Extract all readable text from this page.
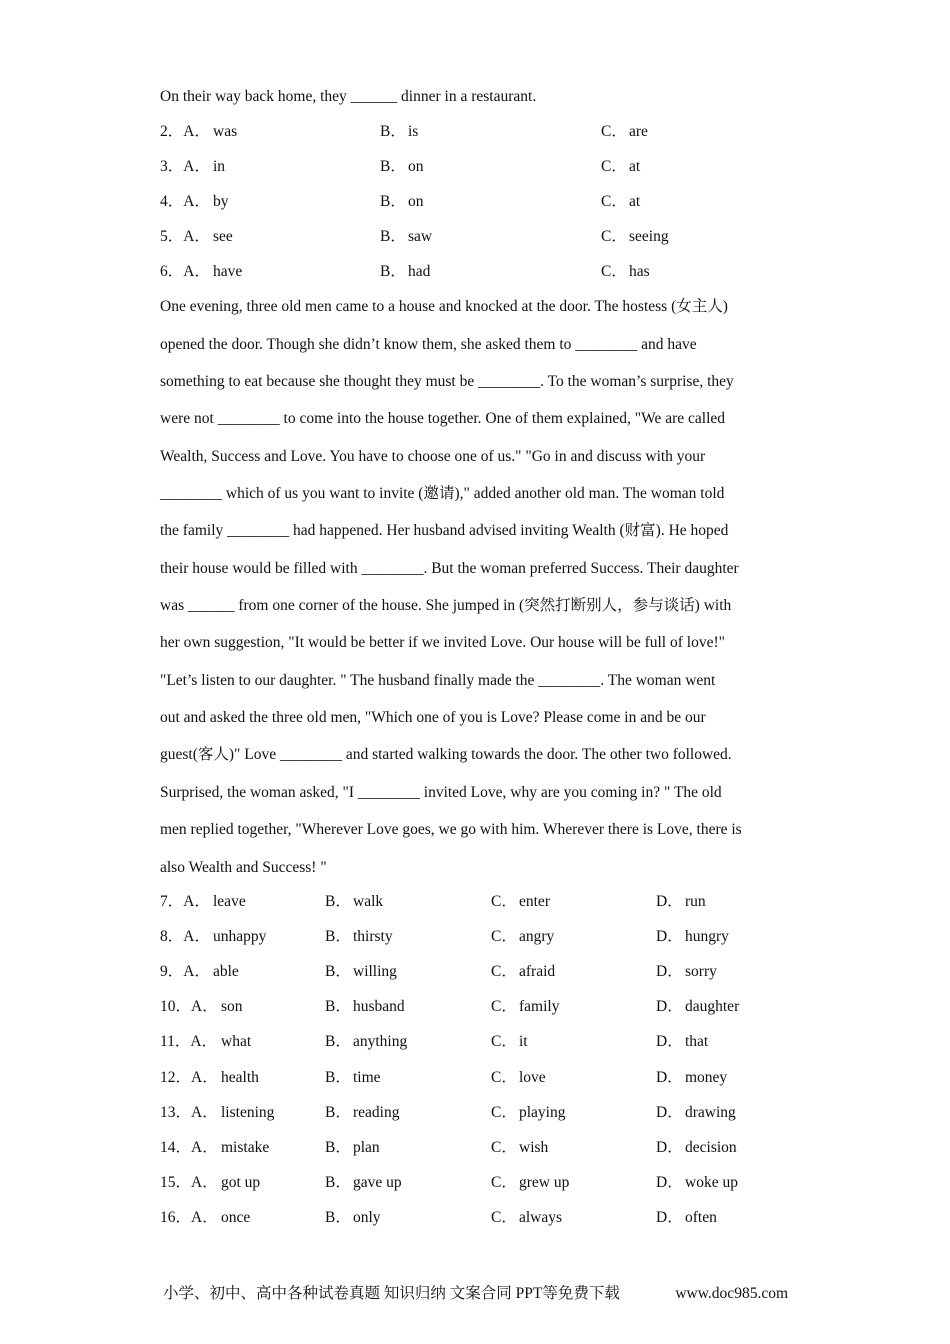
On their way back home, they ______ dinner in a restaurant.
2．A． was	B． is	C． are
3．A． in	B． on	C． at
4．A． by	B． on	C． at
5．A． see	B． saw	C． seeing
6．A． have	B． had	C． has
One evening, three old men came to a house and knocked at the door. The hostess (女主人)
opened the door. Though she didn’t know them, she asked them to ________ and have
something to eat because she thought they must be ________. To the woman’s surprise, they
were not ________ to come into the house together. One of them explained, "We are called
Wealth, Success and Love. You have to choose one of us." "Go in and discuss with your
________ which of us you want to invite (邀请)," added another old man. The woman told
the family ________ had happened. Her husband advised inviting Wealth (财富). He hoped
their house would be filled with ________. But the woman preferred Success. Their daughter
was ______ from one corner of the house. She jumped in (突然打断别人，参与谈话) with
her own suggestion, "It would be better if we invited Love. Our house will be full of love!"
"Let’s listen to our daughter. " The husband finally made the ________. The woman went
out and asked the three old men, "Which one of you is Love? Please come in and be our
guest(客人)" Love ________ and started walking towards the door. The other two followed.
Surprised, the woman asked, "I ________ invited Love, why are you coming in? " The old
men replied together, "Wherever Love goes, we go with him. Wherever there is Love, there is
also Wealth and Success! "
7．A． leave	B． walk	C． enter	D． run
8．A． unhappy	B． thirsty	C． angry	D． hungry
9．A． able	B． willing	C． afraid	D． sorry
10．A． son	B． husband	C． family	D． daughter
11．A． what	B． anything	C． it	D． that
12．A． health	B． time	C． love	D． money
13．A． listening	B． reading	C． playing	D． drawing
14．A． mistake	B． plan	C． wish	D． decision
15．A． got up	B． gave up	C． grew up	D． woke up
16．A． once	B． only	C． always	D． often
小学、初中、高中各种试卷真题 知识归纳 文案合同 PPT等免费下载	www.doc985.com
